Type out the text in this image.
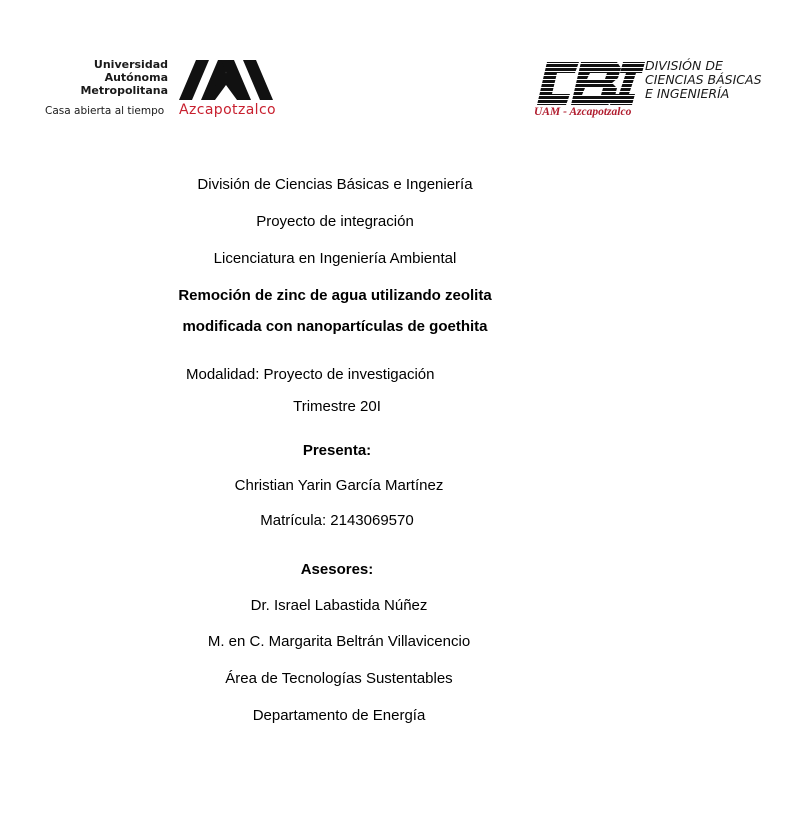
Universidad
Autónoma
Metropolitana
Casa abierta al tiempo Azcapotzalco
DIVISIÓN DE
CIENCIAS BÁSICAS
E INGENIERÍA
UAM - Azcapotzalco
División de Ciencias Básicas e Ingeniería
Proyecto de integración
Licenciatura en Ingeniería Ambiental
Remoción de zinc de agua utilizando zeolita
modificada con nanopartículas de goethita
Modalidad: Proyecto de investigación
Trimestre 20I
Presenta:
Christian Yarin García Martínez
Matrícula: 2143069570
Asesores:
Dr. Israel Labastida Núñez
M. en C. Margarita Beltrán Villavicencio
Área de Tecnologías Sustentables
Departamento de Energía
